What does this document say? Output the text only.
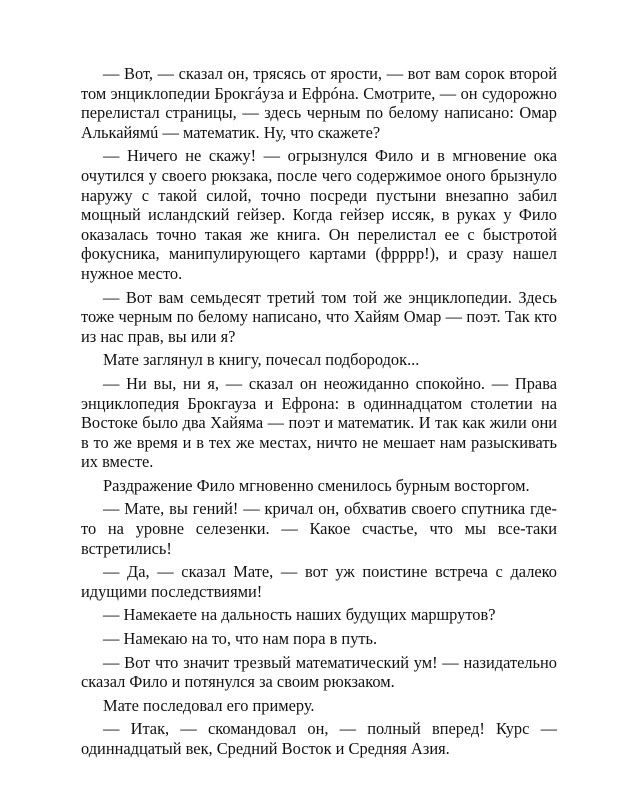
— Вот, — сказал он, трясясь от ярости, — вот вам сорок второй том энциклопедии Брокгáуза и Ефрóна. Смотрите, — он судорожно перелистал страницы, — здесь черным по белому написано: Омар Алькайямú — математик. Ну, что скажете?

— Ничего не скажу! — огрызнулся Фило и в мгновение ока очутился у своего рюкзака, после чего содержимое оного брызнуло наружу с такой силой, точно посреди пустыни внезапно забил мощный исландский гейзер. Когда гейзер иссяк, в руках у Фило оказалась точно такая же книга. Он перелистал ее с быстротой фокусника, манипулирующего картами (фрррр!), и сразу нашел нужное место.

— Вот вам семьдесят третий том той же энциклопедии. Здесь тоже черным по белому написано, что Хайям Омар — поэт. Так кто из нас прав, вы или я?

Мате заглянул в книгу, почесал подбородок...

— Ни вы, ни я, — сказал он неожиданно спокойно. — Права энциклопедия Брокгауза и Ефрона: в одиннадцатом столетии на Востоке было два Хайяма — поэт и математик. И так как жили они в то же время и в тех же местах, ничто не мешает нам разыскивать их вместе.

Раздражение Фило мгновенно сменилось бурным восторгом.

— Мате, вы гений! — кричал он, обхватив своего спутника где-то на уровне селезенки. — Какое счастье, что мы все-таки встретились!

— Да, — сказал Мате, — вот уж поистине встреча с далеко идущими последствиями!

— Намекаете на дальность наших будущих маршрутов?

— Намекаю на то, что нам пора в путь.

— Вот что значит трезвый математический ум! — назидательно сказал Фило и потянулся за своим рюкзаком.

Мате последовал его примеру.

— Итак, — скомандовал он, — полный вперед! Курс — одиннадцатый век, Средний Восток и Средняя Азия.
